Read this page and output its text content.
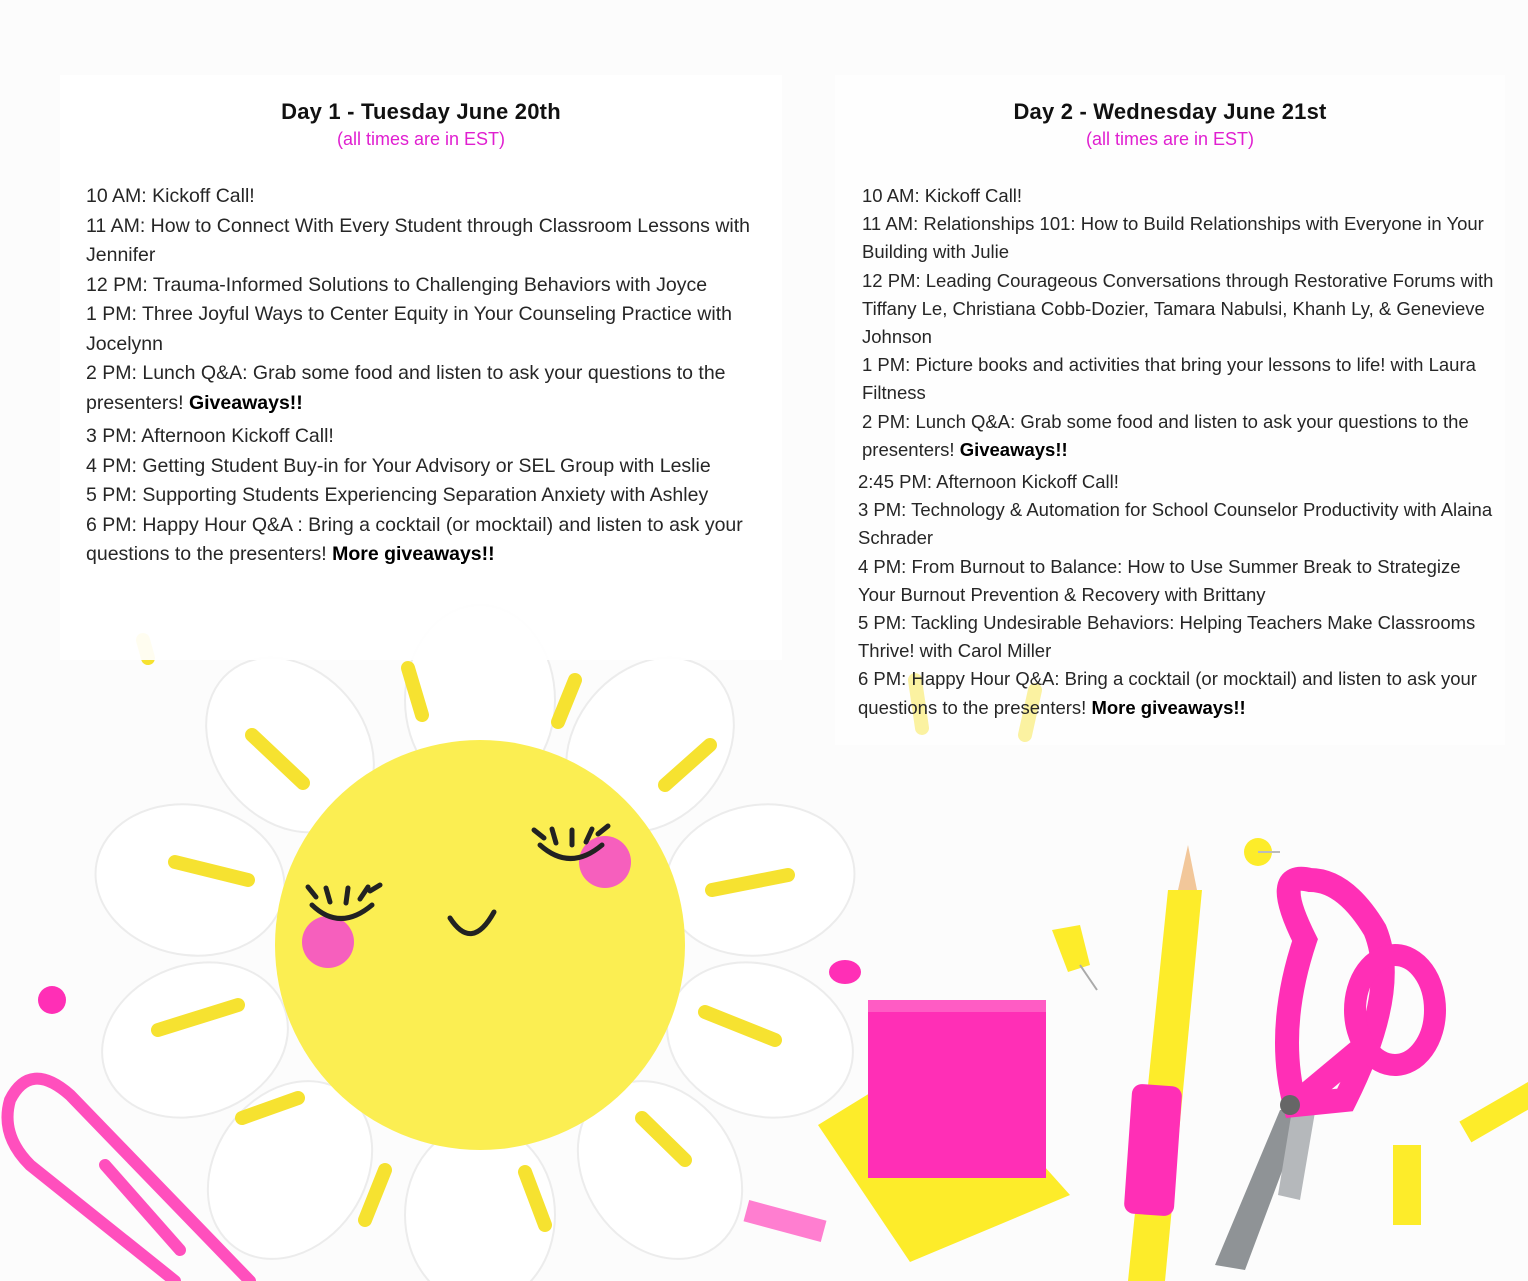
Day 1 - Tuesday June 20th
(all times are in EST)
10 AM: Kickoff Call!
11 AM: How to Connect With Every Student through Classroom Lessons with Jennifer
12 PM: Trauma-Informed Solutions to Challenging Behaviors with Joyce
1 PM: Three Joyful Ways to Center Equity in Your Counseling Practice with Jocelynn
2 PM: Lunch Q&A: Grab some food and listen to ask your questions to the presenters! Giveaways!!
3 PM: Afternoon Kickoff Call!
4 PM: Getting Student Buy-in for Your Advisory or SEL Group with Leslie
5 PM: Supporting Students Experiencing Separation Anxiety with Ashley
6 PM: Happy Hour Q&A : Bring a cocktail (or mocktail) and listen to ask your questions to the presenters! More giveaways!!
Day 2 - Wednesday June 21st
(all times are in EST)
10 AM: Kickoff Call!
11 AM: Relationships 101: How to Build Relationships with Everyone in Your Building with Julie
12 PM: Leading Courageous Conversations through Restorative Forums with Tiffany Le, Christiana Cobb-Dozier, Tamara Nabulsi, Khanh Ly, & Genevieve Johnson
1 PM: Picture books and activities that bring your lessons to life! with Laura Filtness
2 PM: Lunch Q&A: Grab some food and listen to ask your questions to the presenters! Giveaways!!
2:45 PM: Afternoon Kickoff Call!
3 PM: Technology & Automation for School Counselor Productivity with Alaina Schrader
4 PM: From Burnout to Balance: How to Use Summer Break to Strategize Your Burnout Prevention & Recovery with Brittany
5 PM: Tackling Undesirable Behaviors: Helping Teachers Make Classrooms Thrive! with Carol Miller
6 PM: Happy Hour Q&A: Bring a cocktail (or mocktail) and listen to ask your questions to the presenters! More giveaways!!
